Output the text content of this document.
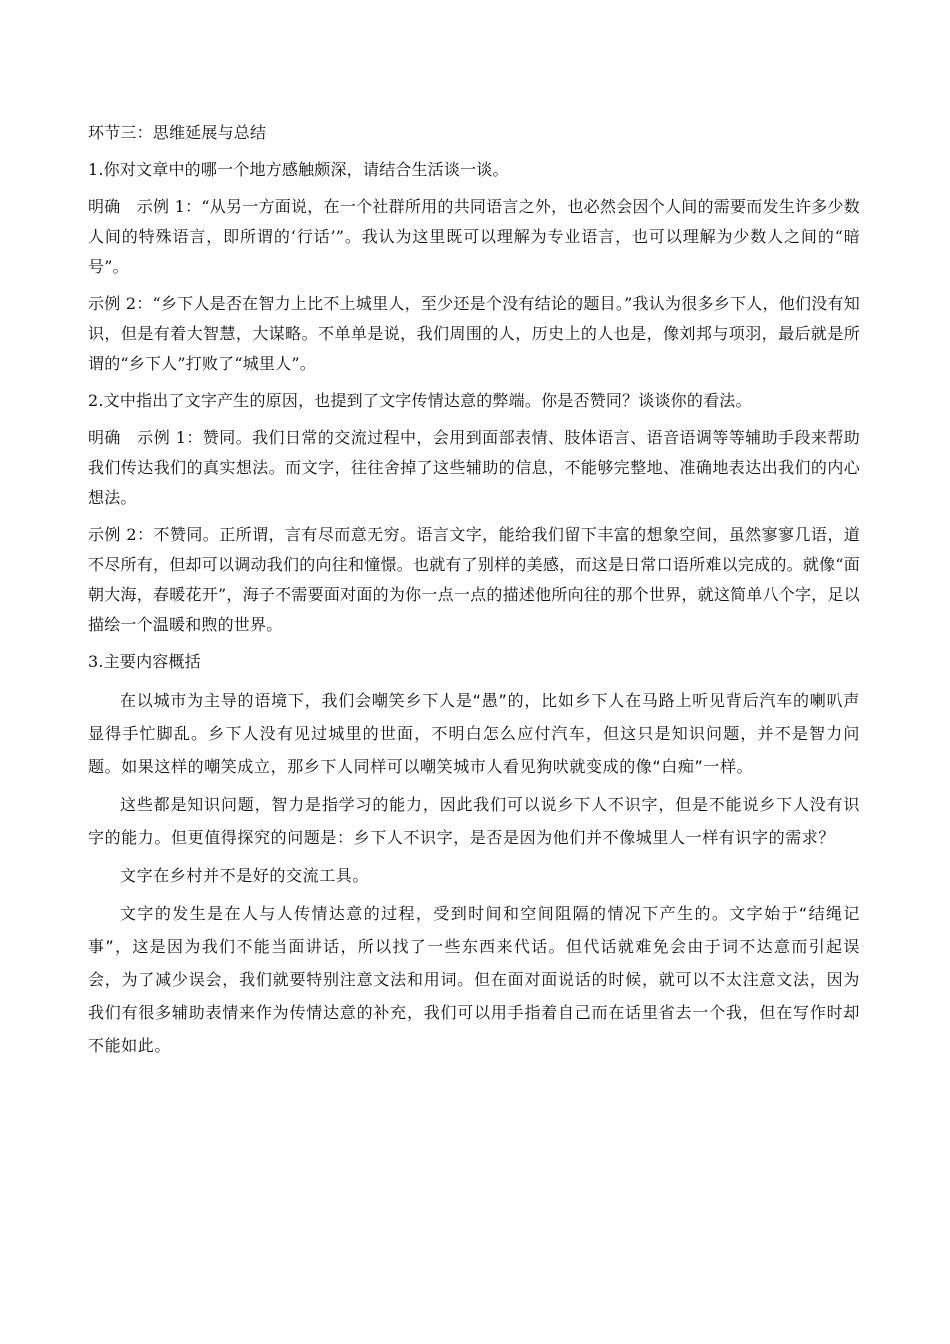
环节三：思维延展与总结

1.你对文章中的哪一个地方感触颇深，请结合生活谈一谈。

明确　示例 1：“从另一方面说，在一个社群所用的共同语言之外，也必然会因个人间的需要而发生许多少数人间的特殊语言，即所谓的‘行话’”。我认为这里既可以理解为专业语言，也可以理解为少数人之间的“暗号”。

示例 2：“乡下人是否在智力上比不上城里人，至少还是个没有结论的题目。”我认为很多乡下人，他们没有知识，但是有着大智慧，大谋略。不单单是说，我们周围的人，历史上的人也是，像刘邦与项羽，最后就是所谓的“乡下人”打败了“城里人”。

2.文中指出了文字产生的原因，也提到了文字传情达意的弊端。你是否赞同？谈谈你的看法。

明确　示例 1：赞同。我们日常的交流过程中，会用到面部表情、肢体语言、语音语调等等辅助手段来帮助我们传达我们的真实想法。而文字，往往舍掉了这些辅助的信息，不能够完整地、准确地表达出我们的内心想法。

示例 2：不赞同。正所谓，言有尽而意无穷。语言文字，能给我们留下丰富的想象空间，虽然寥寥几语，道不尽所有，但却可以调动我们的向往和憧憬。也就有了别样的美感，而这是日常口语所难以完成的。就像“面朝大海，春暖花开”，海子不需要面对面的为你一点一点的描述他所向往的那个世界，就这简单八个字，足以描绘一个温暖和煦的世界。

3.主要内容概括

在以城市为主导的语境下，我们会嘲笑乡下人是“愚”的，比如乡下人在马路上听见背后汽车的喇叭声显得手忙脚乱。乡下人没有见过城里的世面，不明白怎么应付汽车，但这只是知识问题，并不是智力问题。如果这样的嘲笑成立，那乡下人同样可以嘲笑城市人看见狗吠就变成的像“白痴”一样。

这些都是知识问题，智力是指学习的能力，因此我们可以说乡下人不识字，但是不能说乡下人没有识字的能力。但更值得探究的问题是：乡下人不识字，是否是因为他们并不像城里人一样有识字的需求？

文字在乡村并不是好的交流工具。

文字的发生是在人与人传情达意的过程，受到时间和空间阻隔的情况下产生的。文字始于“结绳记事”，这是因为我们不能当面讲话，所以找了一些东西来代话。但代话就难免会由于词不达意而引起误会，为了减少误会，我们就要特别注意文法和用词。但在面对面说话的时候，就可以不太注意文法，因为我们有很多辅助表情来作为传情达意的补充，我们可以用手指着自己而在话里省去一个我，但在写作时却不能如此。
